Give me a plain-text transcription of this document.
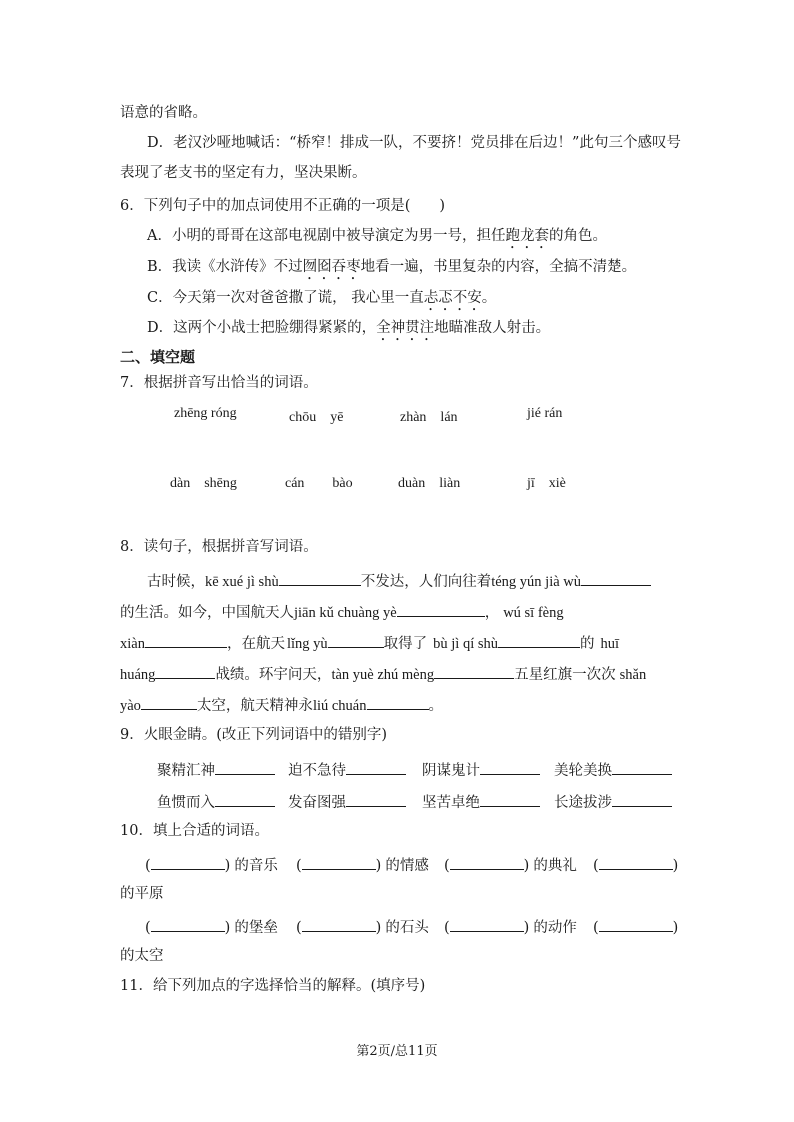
语意的省略。
D．老汉沙哑地喊话：“桥窄！排成一队，不要挤！党员排在后边！”此句三个感叹号
表现了老支书的坚定有力，坚决果断。
6．下列句子中的加点词使用不正确的一项是(　　)
A．小明的哥哥在这部电视剧中被导演定为男一号，担任跑龙套的角色。
B．我读《水浒传》不过囫囵吞枣地看一遍，书里复杂的内容，全搞不清楚。
C．今天第一次对爸爸撒了谎， 我心里一直忐忑不安。
D．这两个小战士把脸绷得紧紧的，全神贯注地瞄准敌人射击。
二、填空题
7．根据拼音写出恰当的词语。
zhēng róng	chōu　yē	zhàn　lán	jié rán
dàn　shēng	cán　　bào	duàn　liàn	jī　xiè
8．读句子，根据拼音写词语。
古时候，kē xué jì shù	不发达，人们向往着téng yún jià wù
的生活。如今，中国航天人jiān kǔ chuàng yè	， wú sī fèng
xiàn	，在航天 lǐng yù	取得了 bù jì qí shù	的 huī
huáng	战绩。环宇问天，tàn yuè zhú mèng	五星红旗一次次 shǎn
yào	太空，航天精神永liú chuán	。
9．火眼金睛。(改正下列词语中的错别字)
聚精汇神	迫不急待	阴谋鬼计	美轮美换
鱼惯而入	发奋图强	坚苦卓绝	长途拔涉
10．填上合适的词语。
(	) 的音乐 (	) 的情感 (	) 的典礼 (	)
的平原
(	) 的堡垒 (	) 的石头 (	) 的动作 (	)
的太空
11．给下列加点的字选择恰当的解释。(填序号)
第2页/总11页
